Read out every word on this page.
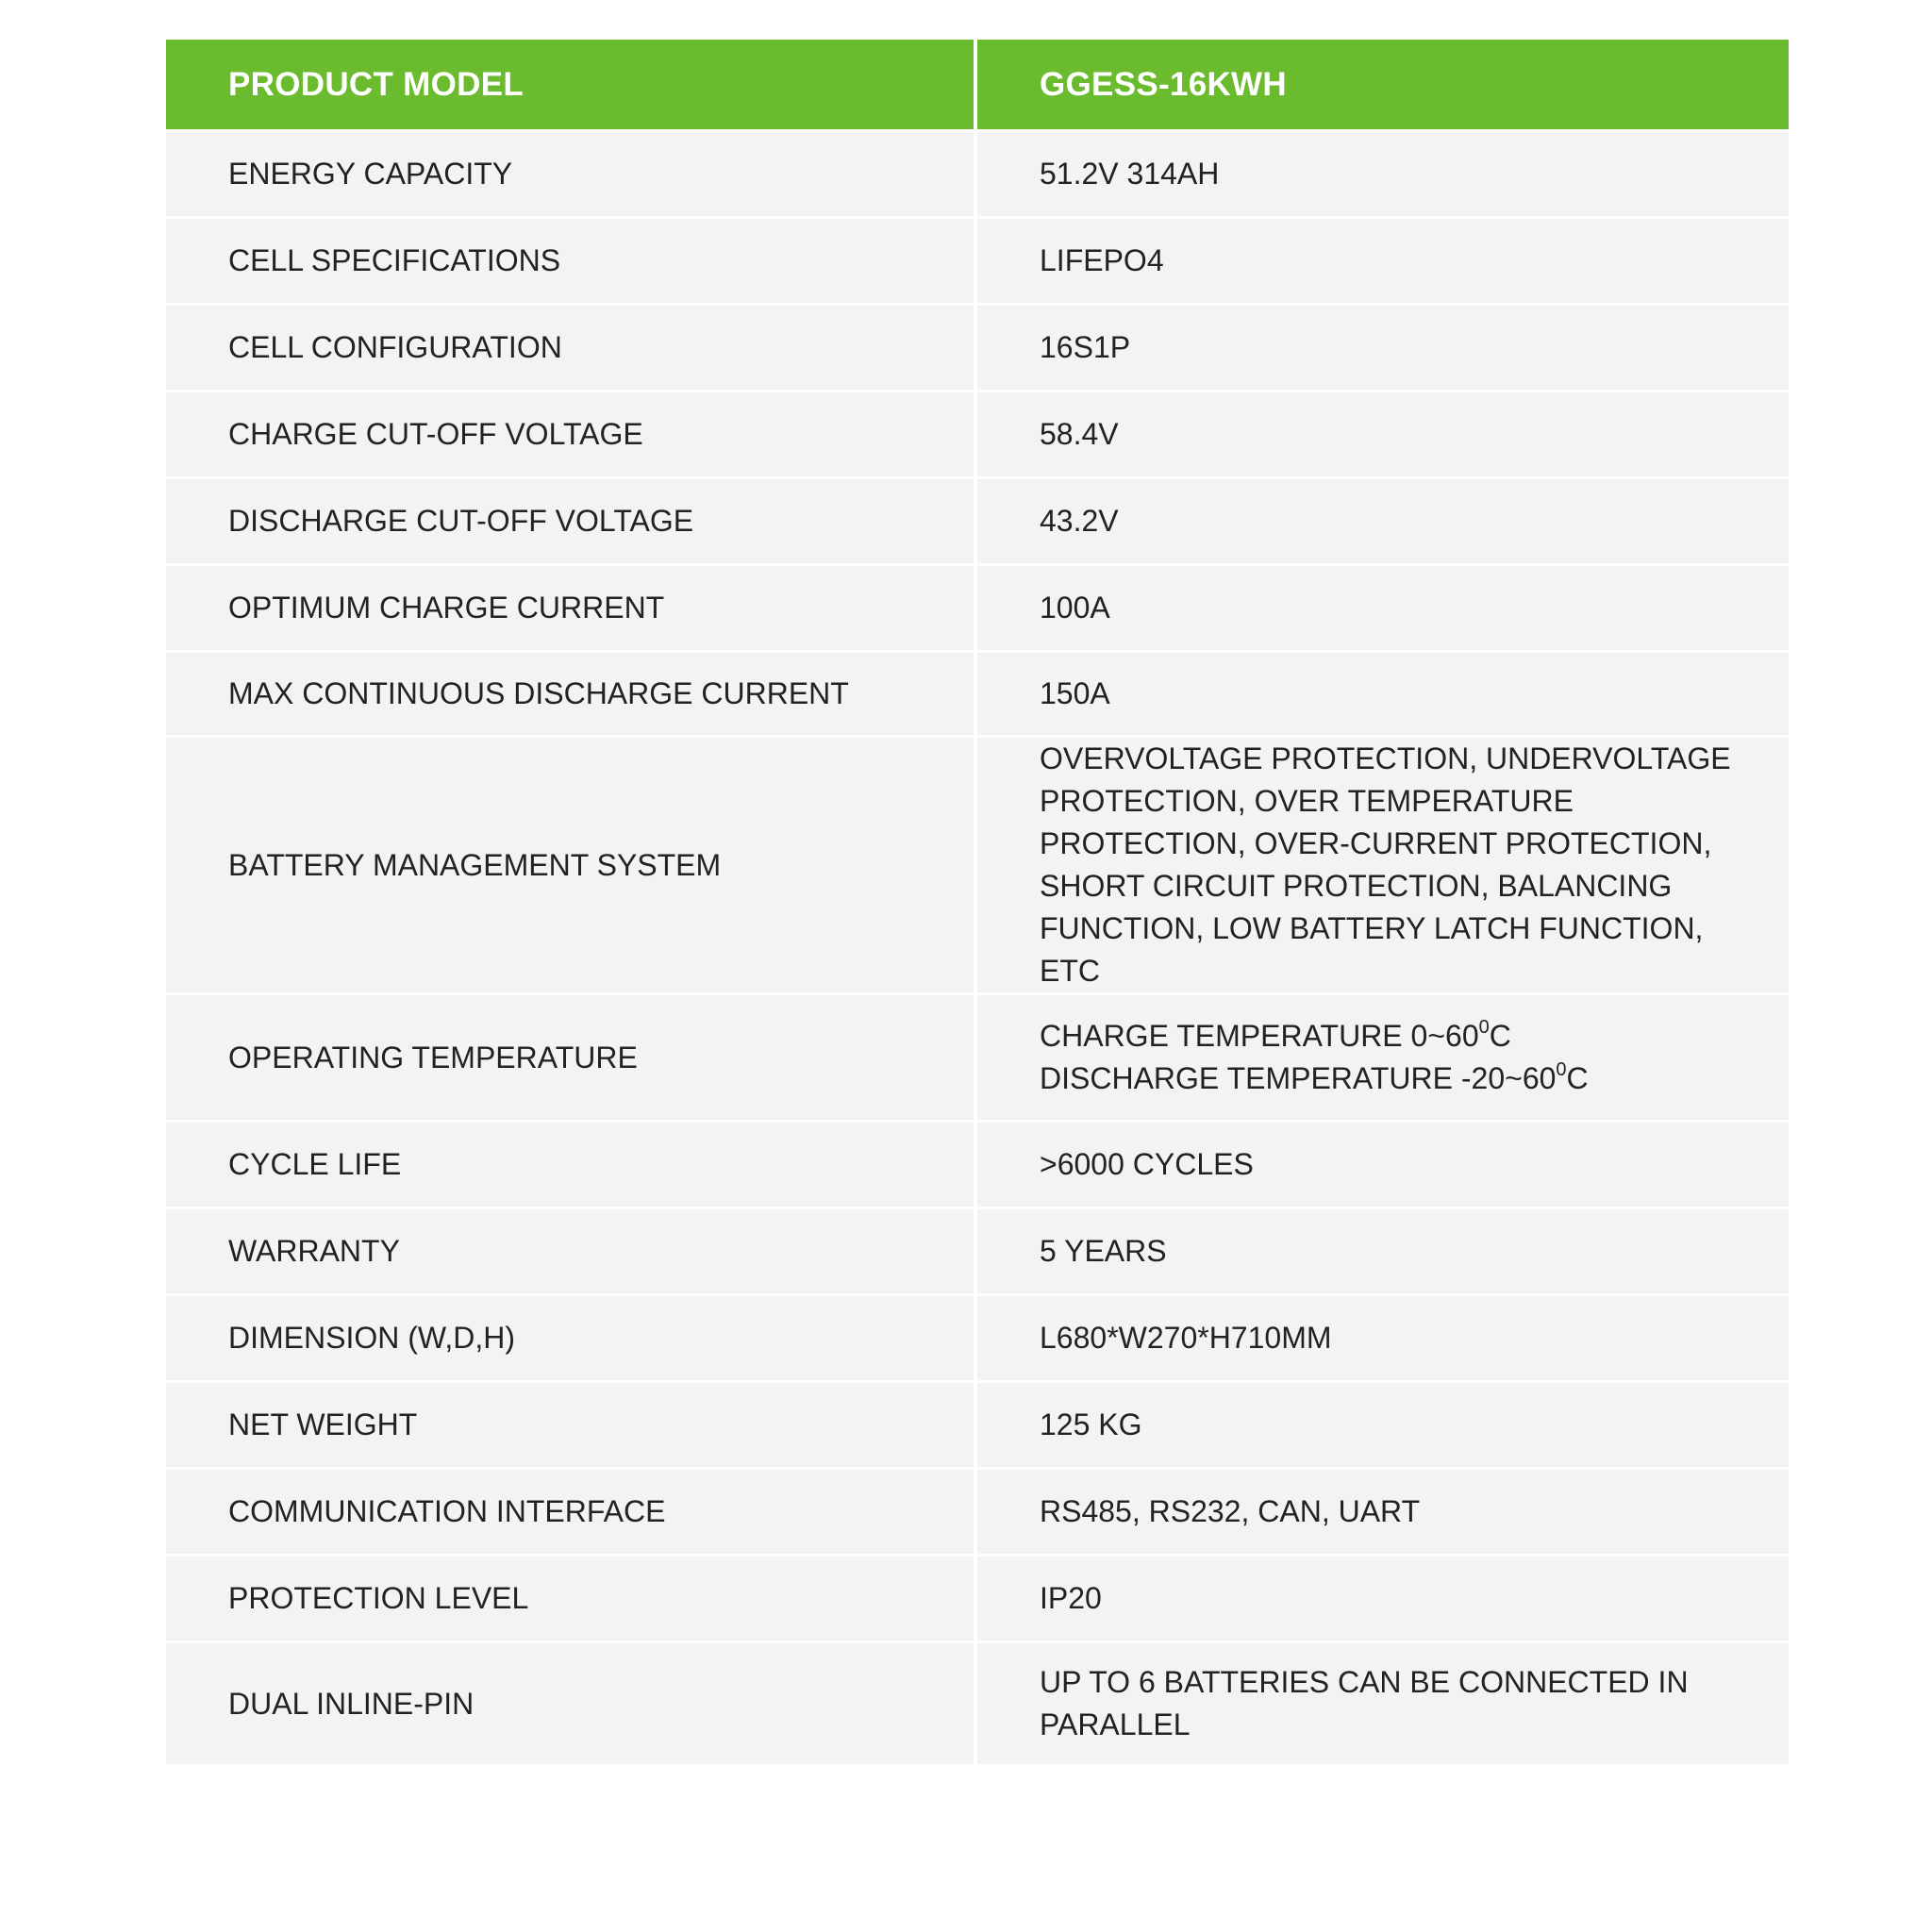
PRODUCT MODEL	GGESS-16KWH
ENERGY CAPACITY	51.2V 314AH
CELL SPECIFICATIONS	LIFEPO4
CELL CONFIGURATION	16S1P
CHARGE CUT-OFF VOLTAGE	58.4V
DISCHARGE CUT-OFF VOLTAGE	43.2V
OPTIMUM CHARGE CURRENT	100A
MAX CONTINUOUS DISCHARGE CURRENT	150A
BATTERY MANAGEMENT SYSTEM	OVERVOLTAGE PROTECTION, UNDERVOLTAGE PROTECTION, OVER TEMPERATURE PROTECTION, OVER-CURRENT PROTECTION, SHORT CIRCUIT PROTECTION, BALANCING FUNCTION, LOW BATTERY LATCH FUNCTION, ETC
OPERATING TEMPERATURE	CHARGE TEMPERATURE $0\sim 60^0C$
DISCHARGE TEMPERATURE $-20\sim 60^0C$

CYCLE LIFE	>6000 CYCLES
WARRANTY	5 YEARS
DIMENSION (W,D,H)	L680*W270*H710MM
NET WEIGHT	125 KG
COMMUNICATION INTERFACE	RS485, RS232, CAN, UART
PROTECTION LEVEL	IP20
DUAL INLINE-PIN	UP TO 6 BATTERIES CAN BE CONNECTED IN PARALLEL
